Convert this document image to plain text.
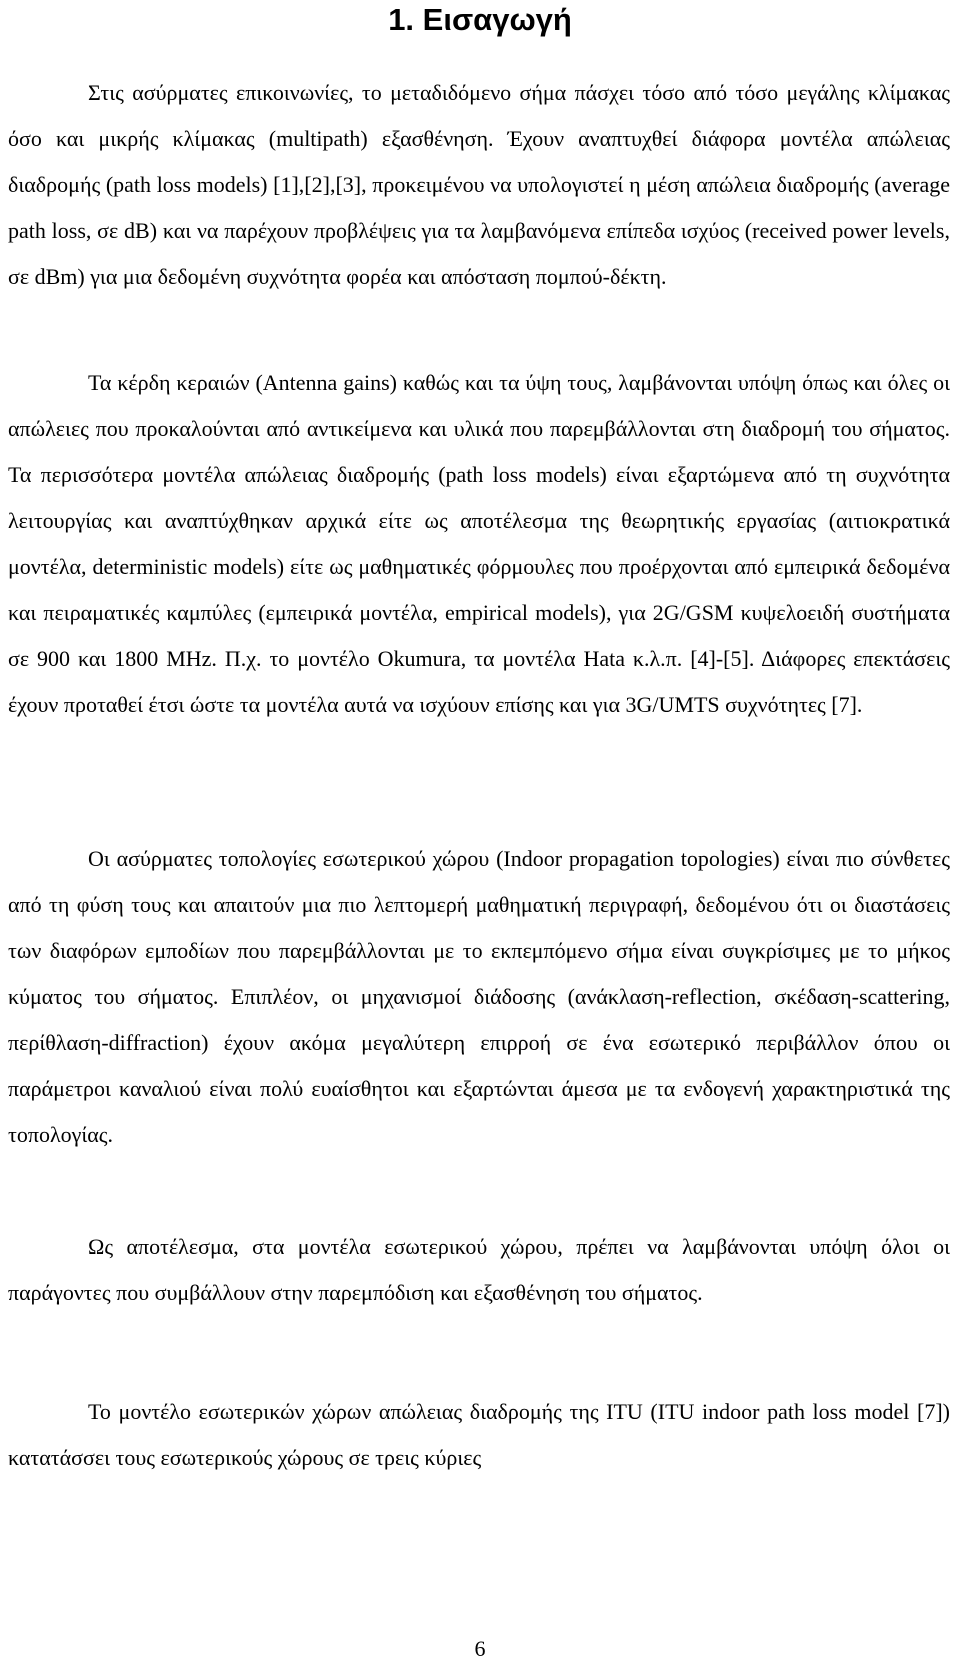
1. Εισαγωγή

Στις ασύρματες επικοινωνίες, το μεταδιδόμενο σήμα πάσχει τόσο από τόσο μεγάλης κλίμακας όσο και μικρής κλίμακας (multipath) εξασθένηση. Έχουν αναπτυχθεί διάφορα μοντέλα απώλειας διαδρομής (path loss models) [1],[2],[3], προκειμένου να υπολογιστεί η μέση απώλεια διαδρομής (average path loss, σε dB) και να παρέχουν προβλέψεις για τα λαμβανόμενα επίπεδα ισχύος (received power levels, σε dBm) για μια δεδομένη συχνότητα φορέα και απόσταση πομπού-δέκτη.

Τα κέρδη κεραιών (Antenna gains) καθώς και τα ύψη τους, λαμβάνονται υπόψη όπως και όλες οι απώλειες που προκαλούνται από αντικείμενα και υλικά που παρεμβάλλονται στη διαδρομή του σήματος. Τα περισσότερα μοντέλα απώλειας διαδρομής (path loss models) είναι εξαρτώμενα από τη συχνότητα λειτουργίας και αναπτύχθηκαν αρχικά είτε ως αποτέλεσμα της θεωρητικής εργασίας (αιτιοκρατικά μοντέλα, deterministic models) είτε ως μαθηματικές φόρμουλες που προέρχονται από εμπειρικά δεδομένα και πειραματικές καμπύλες (εμπειρικά μοντέλα, empirical models), για 2G/GSM κυψελοειδή συστήματα σε 900 και 1800 MHz. Π.χ. το μοντέλο Okumura, τα μοντέλα Hata κ.λ.π. [4]-[5]. Διάφορες επεκτάσεις έχουν προταθεί έτσι ώστε τα μοντέλα αυτά να ισχύουν επίσης και για 3G/UMTS συχνότητες [7].

Οι ασύρματες τοπολογίες εσωτερικού χώρου (Indoor propagation topologies) είναι πιο σύνθετες από τη φύση τους και απαιτούν μια πιο λεπτομερή μαθηματική περιγραφή, δεδομένου ότι οι διαστάσεις των διαφόρων εμποδίων που παρεμβάλλονται με το εκπεμπόμενο σήμα είναι συγκρίσιμες με το μήκος κύματος του σήματος. Επιπλέον, οι μηχανισμοί διάδοσης (ανάκλαση-reflection, σκέδαση-scattering, περίθλαση-diffraction) έχουν ακόμα μεγαλύτερη επιρροή σε ένα εσωτερικό περιβάλλον όπου οι παράμετροι καναλιού είναι πολύ ευαίσθητοι και εξαρτώνται άμεσα με τα ενδογενή χαρακτηριστικά της τοπολογίας.

Ως αποτέλεσμα, στα μοντέλα εσωτερικού χώρου, πρέπει να λαμβάνονται υπόψη όλοι οι παράγοντες που συμβάλλουν στην παρεμπόδιση και εξασθένηση του σήματος.

Το μοντέλο εσωτερικών χώρων απώλειας διαδρομής της ITU (ITU indoor path loss model [7]) κατατάσσει τους εσωτερικούς χώρους σε τρεις κύριες

6
